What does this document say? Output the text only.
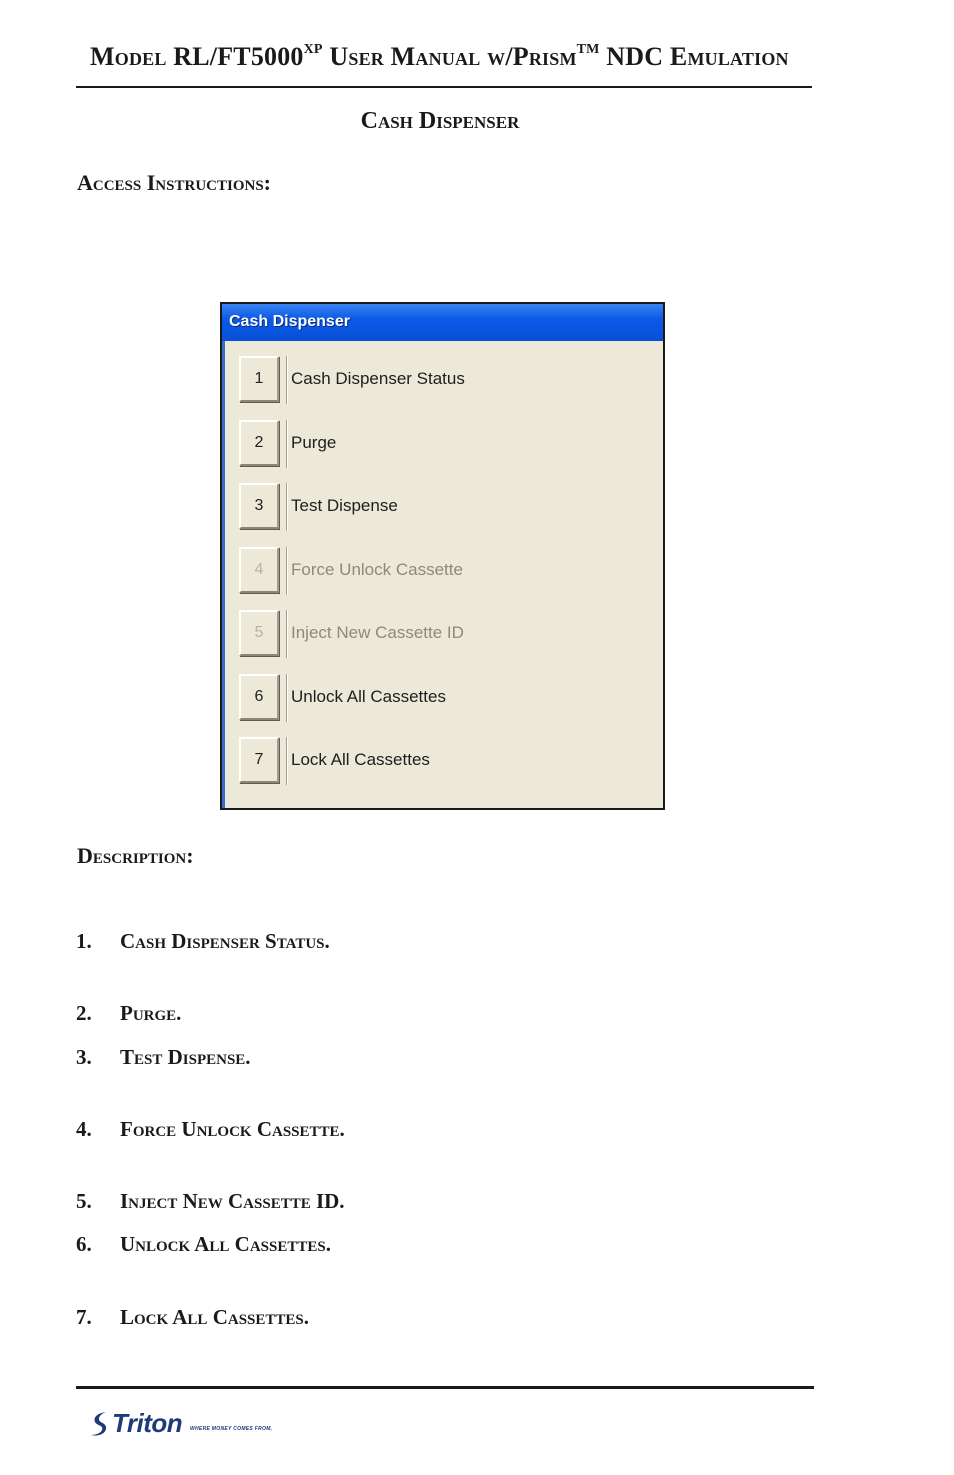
Model $RL/FT5000^{XP}$ User Manual w/Prism™ NDC Emulation
Cash Dispenser
Access Instructions:
Cash Dispenser
1	Cash Dispenser Status
2	Purge
3	Test Dispense
4	Force Unlock Cassette
5	Inject New Cassette ID
6	Unlock All Cassettes
7	Lock All Cassettes
Description:
1. Cash Dispenser Status.
2. Purge.
3. Test Dispense.
4. Force Unlock Cassette.
5. Inject New Cassette ID.
6. Unlock All Cassettes.
7. Lock All Cassettes.
Triton WHERE MONEY COMES FROM.
